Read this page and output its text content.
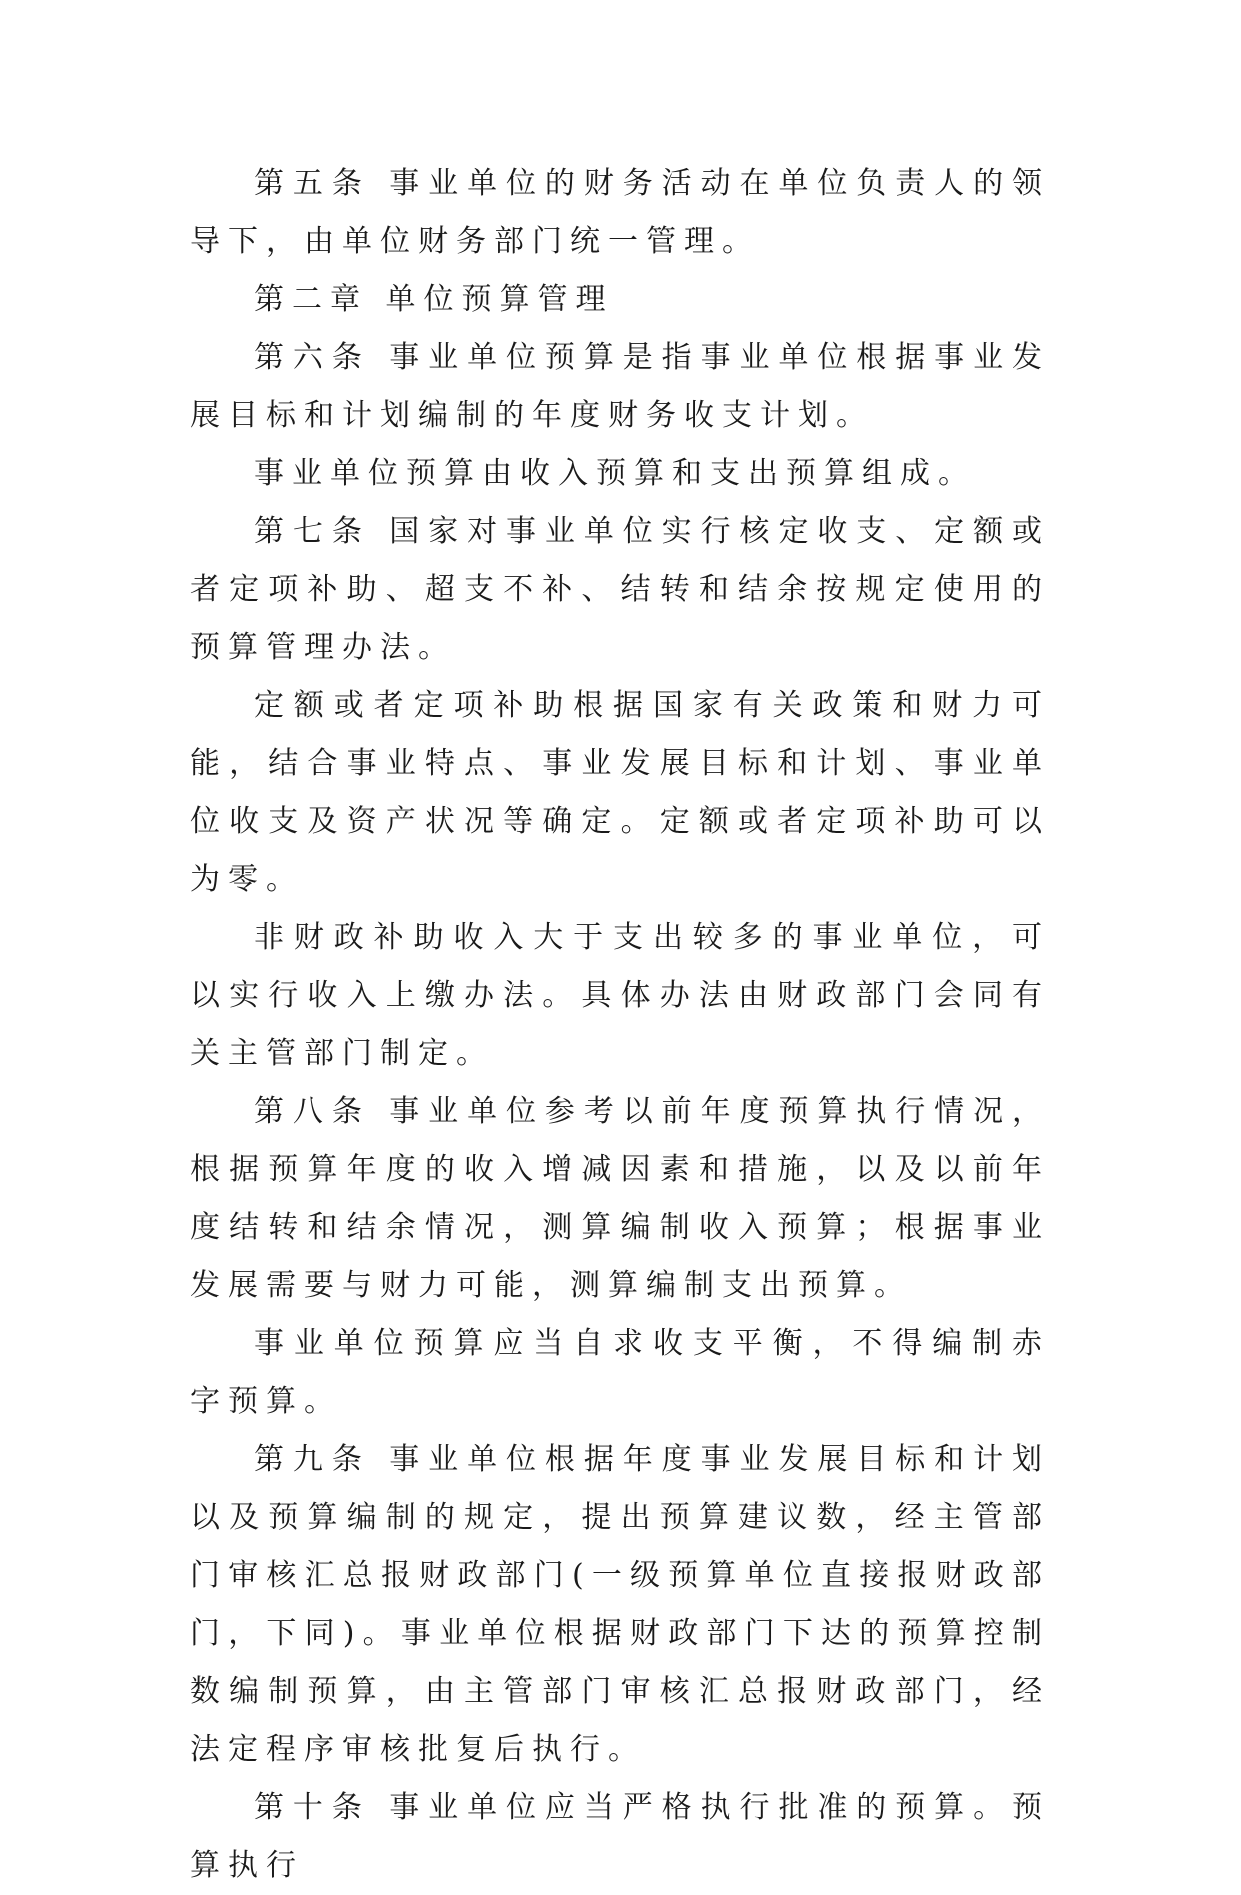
第五条 事业单位的财务活动在单位负责人的领导下，由单位财务部门统一管理。

第二章 单位预算管理

第六条 事业单位预算是指事业单位根据事业发展目标和计划编制的年度财务收支计划。

事业单位预算由收入预算和支出预算组成。

第七条 国家对事业单位实行核定收支、定额或者定项补助、超支不补、结转和结余按规定使用的预算管理办法。

定额或者定项补助根据国家有关政策和财力可能，结合事业特点、事业发展目标和计划、事业单位收支及资产状况等确定。定额或者定项补助可以为零。

非财政补助收入大于支出较多的事业单位，可以实行收入上缴办法。具体办法由财政部门会同有关主管部门制定。

第八条 事业单位参考以前年度预算执行情况，根据预算年度的收入增减因素和措施，以及以前年度结转和结余情况，测算编制收入预算；根据事业发展需要与财力可能，测算编制支出预算。

事业单位预算应当自求收支平衡，不得编制赤字预算。

第九条 事业单位根据年度事业发展目标和计划以及预算编制的规定，提出预算建议数，经主管部门审核汇总报财政部门(一级预算单位直接报财政部门，下同)。事业单位根据财政部门下达的预算控制数编制预算，由主管部门审核汇总报财政部门，经法定程序审核批复后执行。

第十条 事业单位应当严格执行批准的预算。预算执行
